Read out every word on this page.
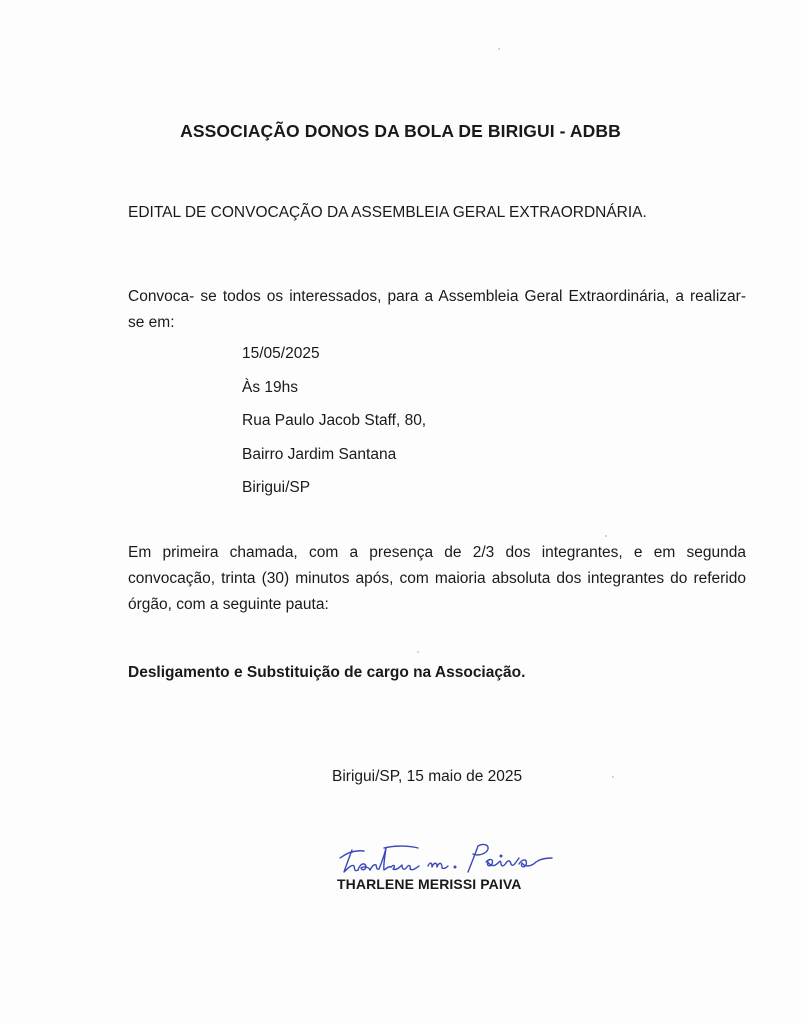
ASSOCIAÇÃO DONOS DA BOLA DE BIRIGUI - ADBB
EDITAL DE CONVOCAÇÃO DA ASSEMBLEIA GERAL EXTRAORDNÁRIA.
Convoca- se todos os interessados, para a Assembleia Geral Extraordinária, a realizar- se em:
15/05/2025
Às 19hs
Rua Paulo Jacob Staff, 80,
Bairro Jardim Santana
Birigui/SP
Em primeira chamada, com a presença de 2/3 dos integrantes, e em segunda convocação, trinta (30) minutos após, com maioria absoluta dos integrantes do referido órgão, com a seguinte pauta:
Desligamento e Substituição de cargo na Associação.
Birigui/SP, 15 maio de 2025
THARLENE MERISSI PAIVA
